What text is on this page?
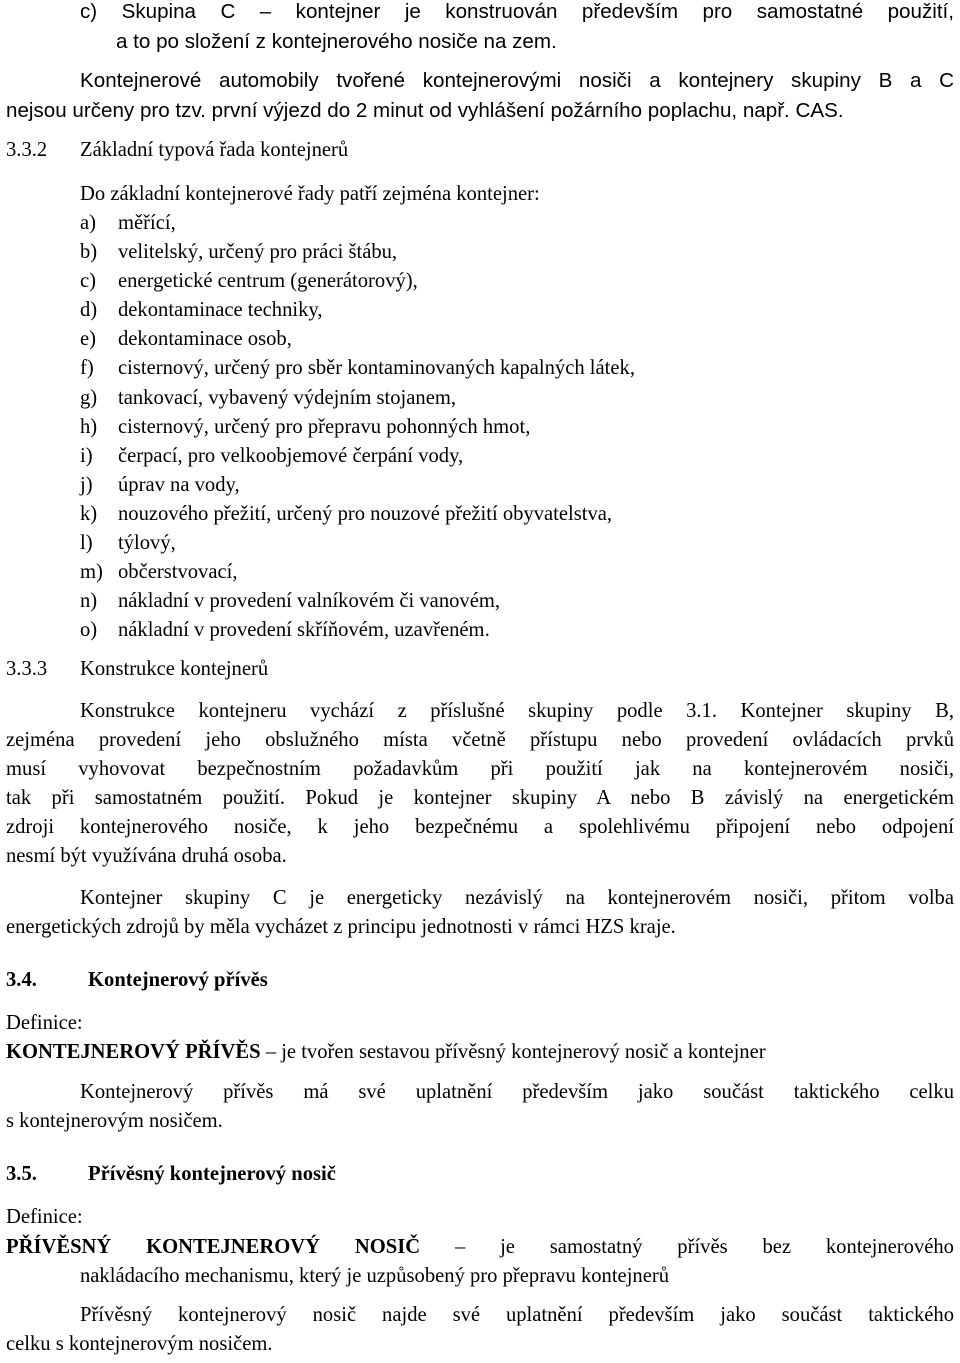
c) Skupina C – kontejner je konstruován především pro samostatné použití,
a to po složení z kontejnerového nosiče na zem.
Kontejnerové automobily tvořené kontejnerovými nosiči a kontejnery skupiny B a C
nejsou určeny pro tzv. první výjezd do 2 minut od vyhlášení požárního poplachu, např. CAS.
3.3.2 Základní typová řada kontejnerů
Do základní kontejnerové řady patří zejména kontejner:
a) měřící,
b) velitelský, určený pro práci štábu,
c) energetické centrum (generátorový),
d) dekontaminace techniky,
e) dekontaminace osob,
f) cisternový, určený pro sběr kontaminovaných kapalných látek,
g) tankovací, vybavený výdejním stojanem,
h) cisternový, určený pro přepravu pohonných hmot,
i) čerpací, pro velkoobjemové čerpání vody,
j) úprav na vody,
k) nouzového přežití, určený pro nouzové přežití obyvatelstva,
l) týlový,
m) občerstvovací,
n) nákladní v provedení valníkovém či vanovém,
o) nákladní v provedení skříňovém, uzavřeném.
3.3.3 Konstrukce kontejnerů
Konstrukce kontejneru vychází z příslušné skupiny podle 3.1. Kontejner skupiny B,
zejména provedení jeho obslužného místa včetně přístupu nebo provedení ovládacích prvků
musí vyhovovat bezpečnostním požadavkům při použití jak na kontejnerovém nosiči,
tak při samostatném použití. Pokud je kontejner skupiny A nebo B závislý na energetickém
zdroji kontejnerového nosiče, k jeho bezpečnému a spolehlivému připojení nebo odpojení
nesmí být využívána druhá osoba.
Kontejner skupiny C je energeticky nezávislý na kontejnerovém nosiči, přitom volba
energetických zdrojů by měla vycházet z principu jednotnosti v rámci HZS kraje.
3.4. Kontejnerový přívěs
Definice:
KONTEJNEROVÝ PŘÍVĚS – je tvořen sestavou přívěsný kontejnerový nosič a kontejner
Kontejnerový přívěs má své uplatnění především jako součást taktického celku
s kontejnerovým nosičem.
3.5. Přívěsný kontejnerový nosič
Definice:
PŘÍVĚSNÝ KONTEJNEROVÝ NOSIČ – je samostatný přívěs bez kontejnerového
nakládacího mechanismu, který je uzpůsobený pro přepravu kontejnerů
Přívěsný kontejnerový nosič najde své uplatnění především jako součást taktického
celku s kontejnerovým nosičem.
